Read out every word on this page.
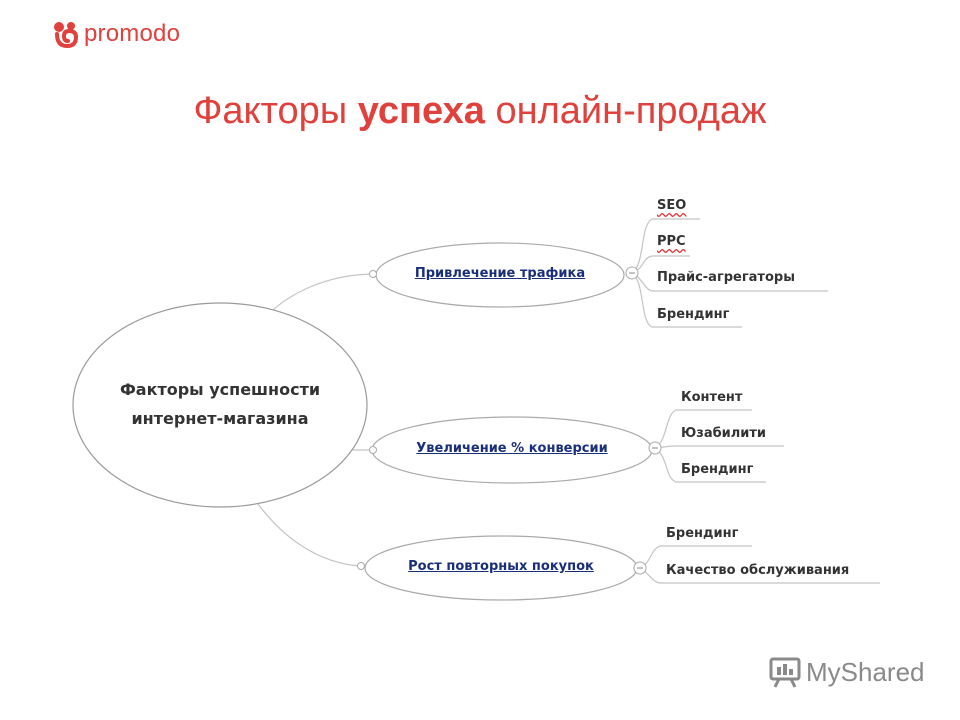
promodo
Факторы успеха онлайн-продаж
Факторы успешности
интернет-магазина
Привлечение трафика
Увеличение % конверсии
Рост повторных покупок
SEO
PPC
Прайс-агрегаторы
Брендинг
Контент
Юзабилити
Брендинг
Брендинг
Качество обслуживания
MyShared
